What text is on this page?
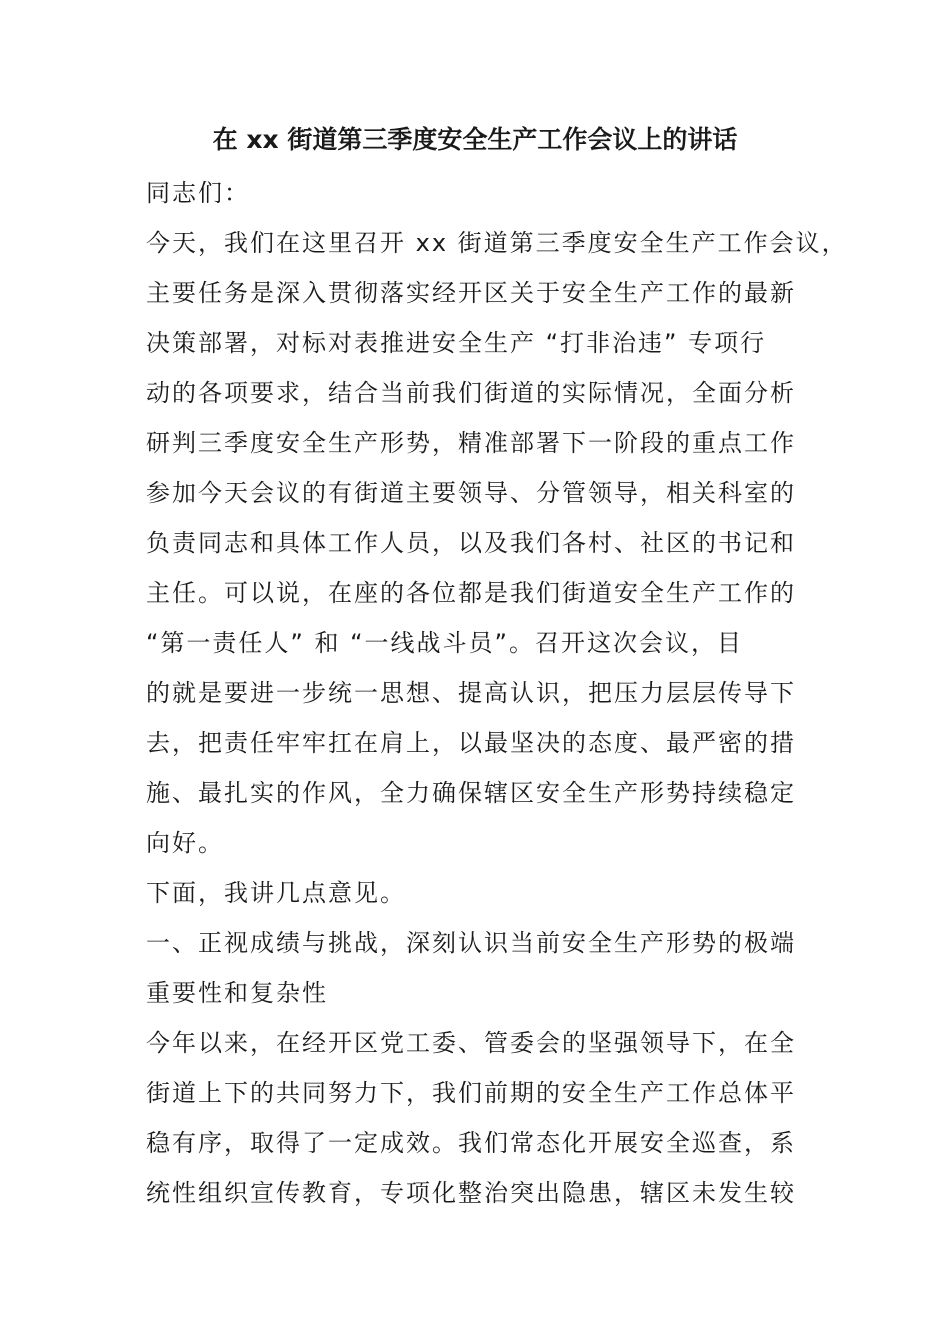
在 xx 街道第三季度安全生产工作会议上的讲话
同志们：
今天，我们在这里召开 xx 街道第三季度安全生产工作会议，
主要任务是深入贯彻落实经开区关于安全生产工作的最新
决策部署，对标对表推进安全生产 “打非治违” 专项行
动的各项要求，结合当前我们街道的实际情况，全面分析
研判三季度安全生产形势，精准部署下一阶段的重点工作
参加今天会议的有街道主要领导、分管领导，相关科室的
负责同志和具体工作人员，以及我们各村、社区的书记和
主任。可以说，在座的各位都是我们街道安全生产工作的
“第一责任人” 和 “一线战斗员”。召开这次会议，目
的就是要进一步统一思想、提高认识，把压力层层传导下
去，把责任牢牢扛在肩上，以最坚决的态度、最严密的措
施、最扎实的作风，全力确保辖区安全生产形势持续稳定
向好。
下面，我讲几点意见。
一、正视成绩与挑战，深刻认识当前安全生产形势的极端
重要性和复杂性
今年以来，在经开区党工委、管委会的坚强领导下，在全
街道上下的共同努力下，我们前期的安全生产工作总体平
稳有序，取得了一定成效。我们常态化开展安全巡查，系
统性组织宣传教育，专项化整治突出隐患，辖区未发生较
